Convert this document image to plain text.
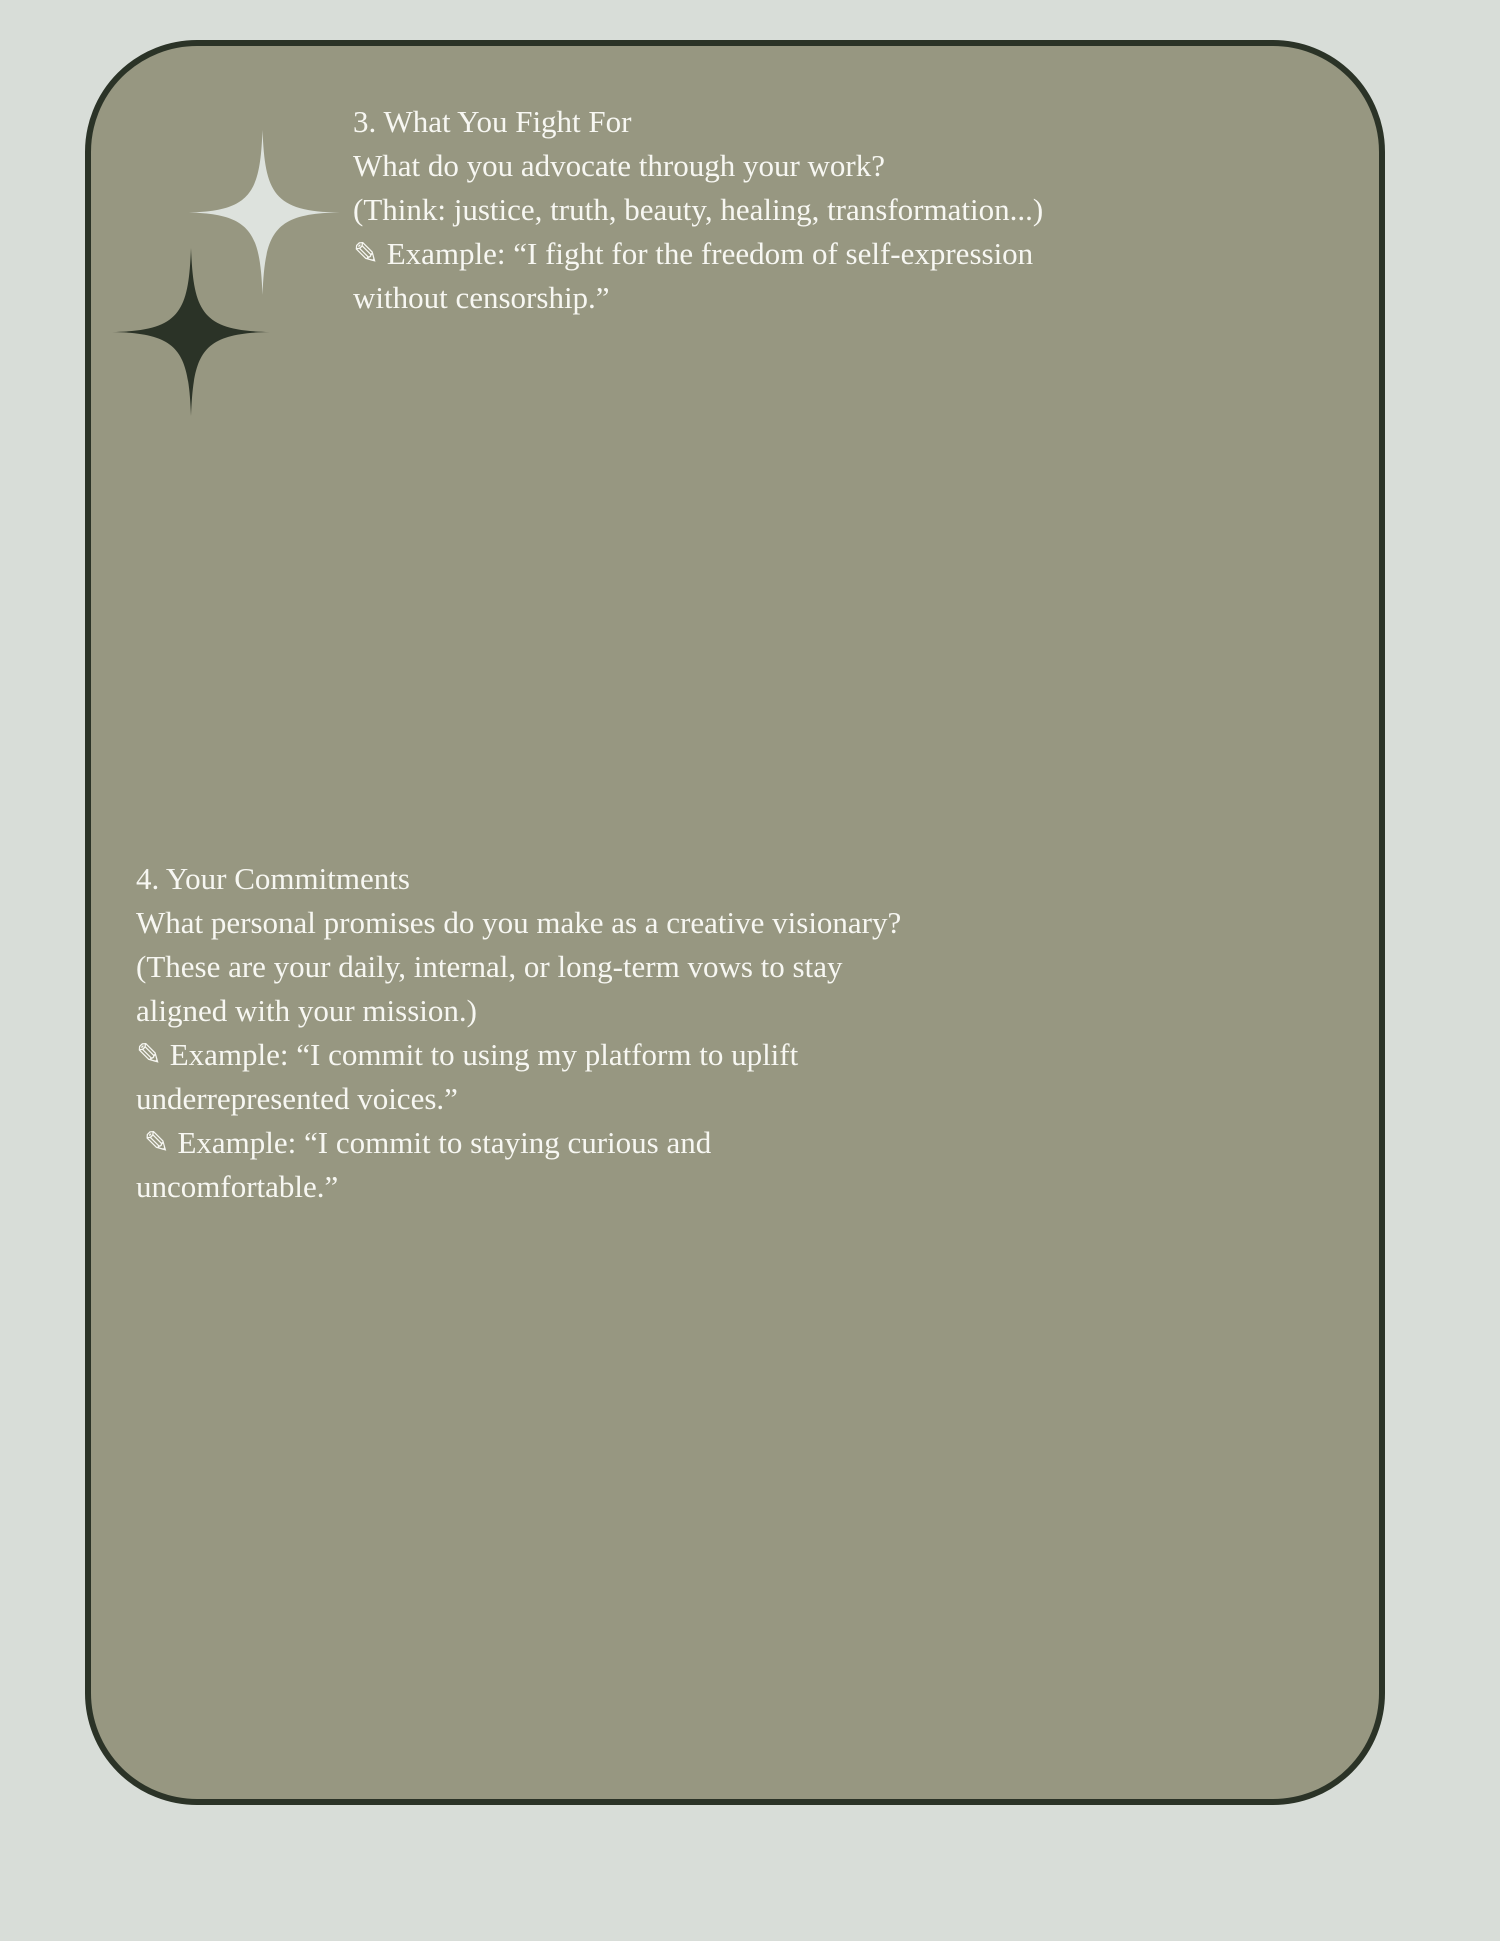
3. What You Fight For
What do you advocate through your work?
(Think: justice, truth, beauty, healing, transformation...)
✎ Example: “I fight for the freedom of self-expression
without censorship.”
4. Your Commitments
What personal promises do you make as a creative visionary?
(These are your daily, internal, or long-term vows to stay
aligned with your mission.)
✎ Example: “I commit to using my platform to uplift
underrepresented voices.”
✎ Example: “I commit to staying curious and
uncomfortable.”
